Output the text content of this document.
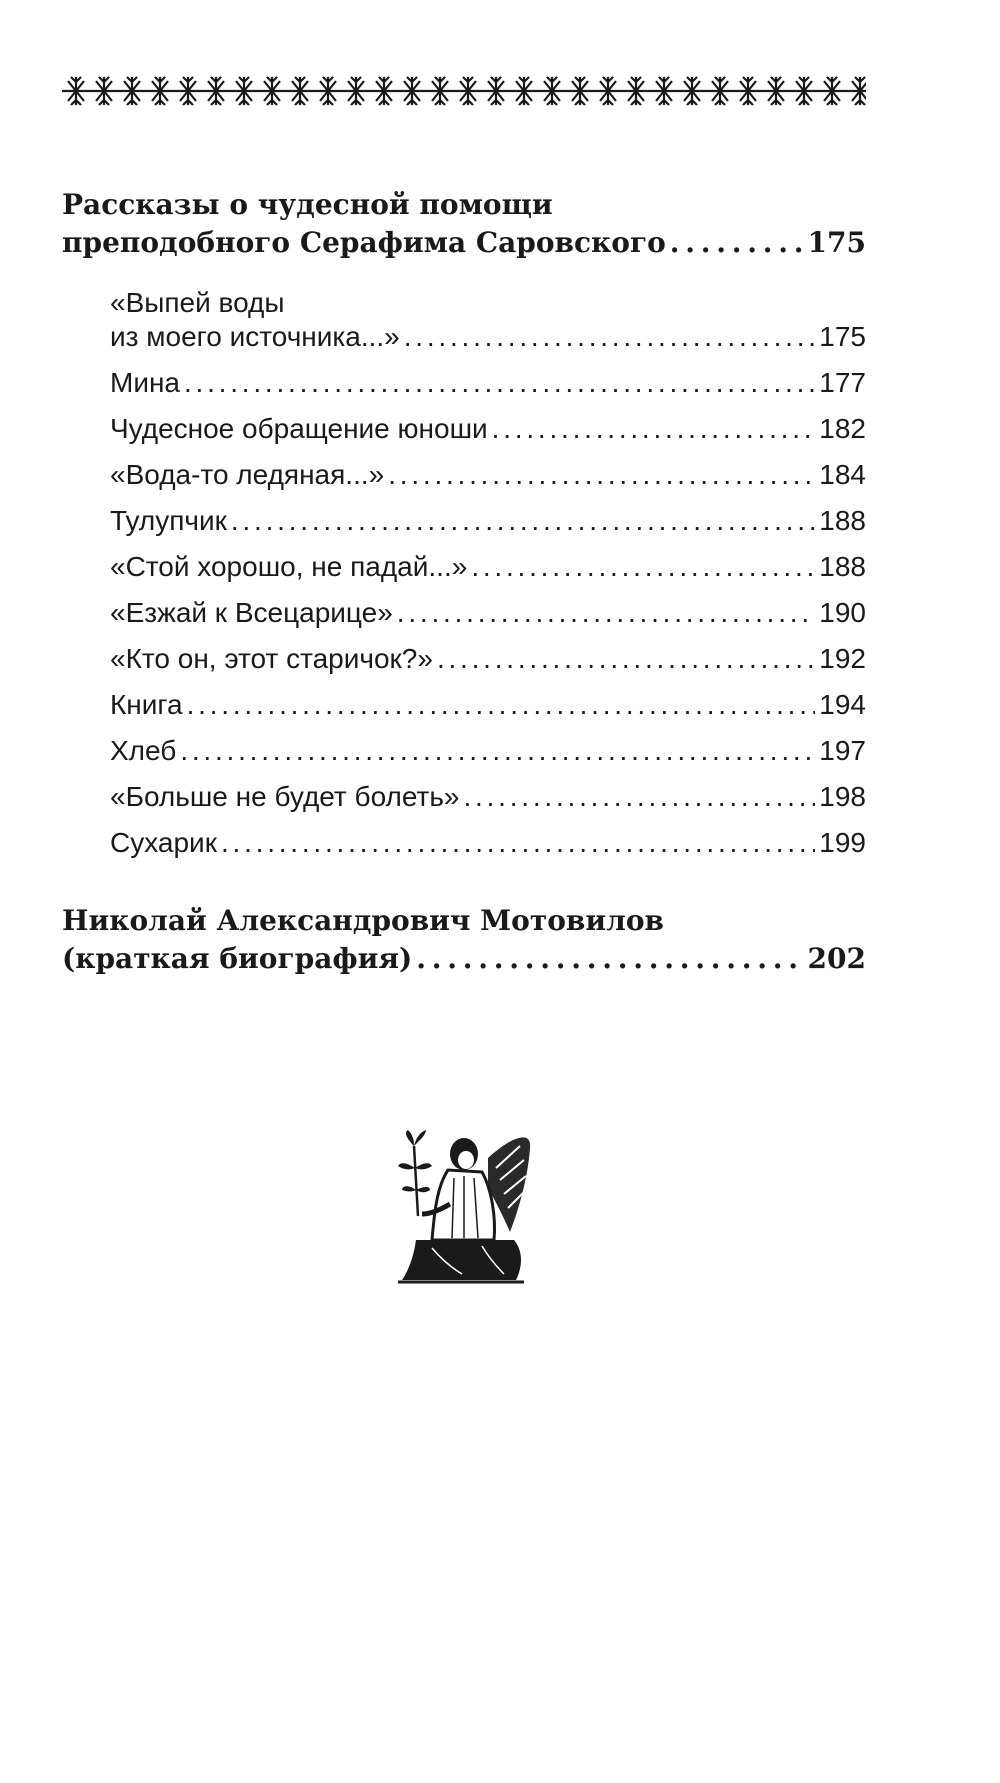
Рассказы о чудесной помощи
преподобного Серафима Саровского . . .	175
«Выпей воды
из моего источника...» . . .	175
Мина . . .	177
Чудесное обращение юноши . . .	182
«Вода-то ледяная...» . . .	184
Тулупчик . . .	188
«Стой хорошо, не падай...» . . .	188
«Езжай к Всецарице» . . .	190
«Кто он, этот старичок?» . . .	192
Книга . . .	194
Хлеб . . .	197
«Больше не будет болеть» . . .	198
Сухарик . . .	199
Николай Александрович Мотовилов
(краткая биография) . . .	202
